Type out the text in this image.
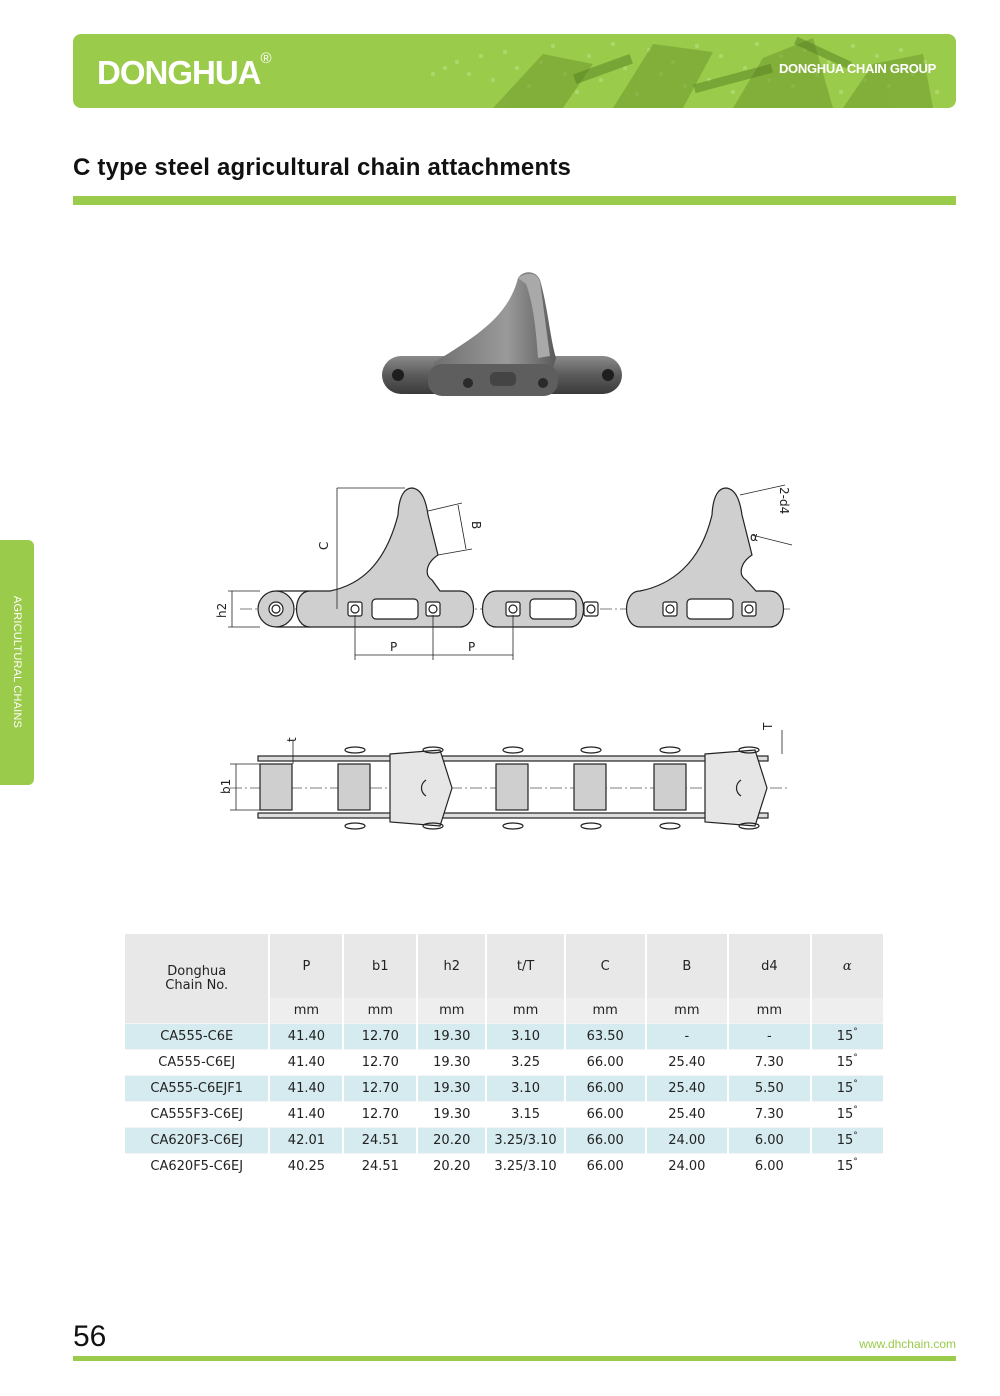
DONGHUA®
DONGHUA CHAIN GROUP
C type steel agricultural chain attachments
AGRICULTURAL CHAINS
C
B
2-d4
α
h2
P	P
t
T
b1
Donghua
Chain No.	P	b1	h2	t/T	C	B	d4	α
	mm	mm	mm	mm	mm	mm	mm	
CA555-C6E	41.40	12.70	19.30	3.10	63.50	-	-	15°
CA555-C6EJ	41.40	12.70	19.30	3.25	66.00	25.40	7.30	15°
CA555-C6EJF1	41.40	12.70	19.30	3.10	66.00	25.40	5.50	15°
CA555F3-C6EJ	41.40	12.70	19.30	3.15	66.00	25.40	7.30	15°
CA620F3-C6EJ	42.01	24.51	20.20	3.25/3.10	66.00	24.00	6.00	15°
CA620F5-C6EJ	40.25	24.51	20.20	3.25/3.10	66.00	24.00	6.00	15°
56	www.dhchain.com
